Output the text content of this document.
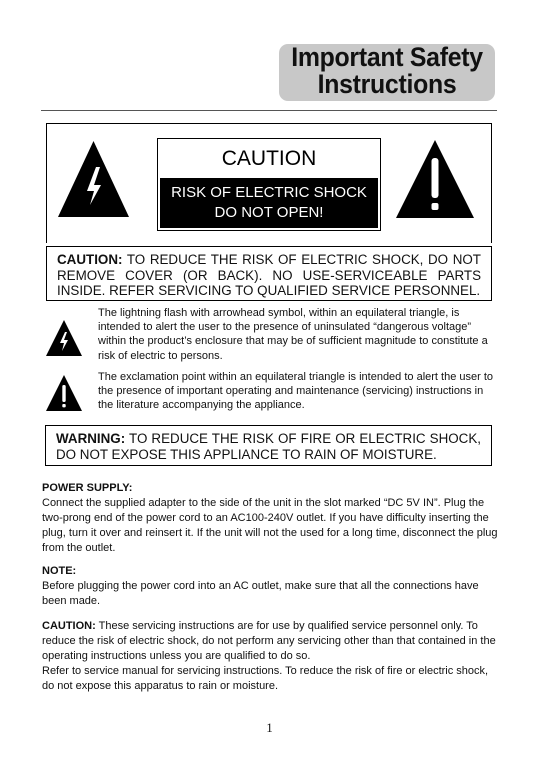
Important Safety
Instructions
CAUTION
RISK OF ELECTRIC SHOCK
DO NOT OPEN!
CAUTION: TO REDUCE THE RISK OF ELECTRIC SHOCK, DO NOT REMOVE COVER (OR BACK). NO USE-SERVICEABLE PARTS INSIDE. REFER SERVICING TO QUALIFIED SERVICE PERSONNEL.
The lightning flash with arrowhead symbol, within an equilateral triangle, is intended to alert the user to the presence of uninsulated “dangerous voltage” within the product’s enclosure that may be of sufficient magnitude to constitute a risk of electric to persons.
The exclamation point within an equilateral triangle is intended to alert the user to the presence of important operating and maintenance (servicing) instructions in the literature accompanying the appliance.
WARNING: TO REDUCE THE RISK OF FIRE OR ELECTRIC SHOCK, DO NOT EXPOSE THIS APPLIANCE TO RAIN OF MOISTURE.
POWER SUPPLY:
Connect the supplied adapter to the side of the unit in the slot marked “DC 5V IN”. Plug the two-prong end of the power cord to an AC100-240V outlet. If you have difficulty inserting the plug, turn it over and reinsert it. If the unit will not the used for a long time, disconnect the plug from the outlet.
NOTE:
Before plugging the power cord into an AC outlet, make sure that all the connections have been made.
CAUTION: These servicing instructions are for use by qualified service personnel only. To reduce the risk of electric shock, do not perform any servicing other than that contained in the operating instructions unless you are qualified to do so.
Refer to service manual for servicing instructions. To reduce the risk of fire or electric shock, do not expose this apparatus to rain or moisture.
1
